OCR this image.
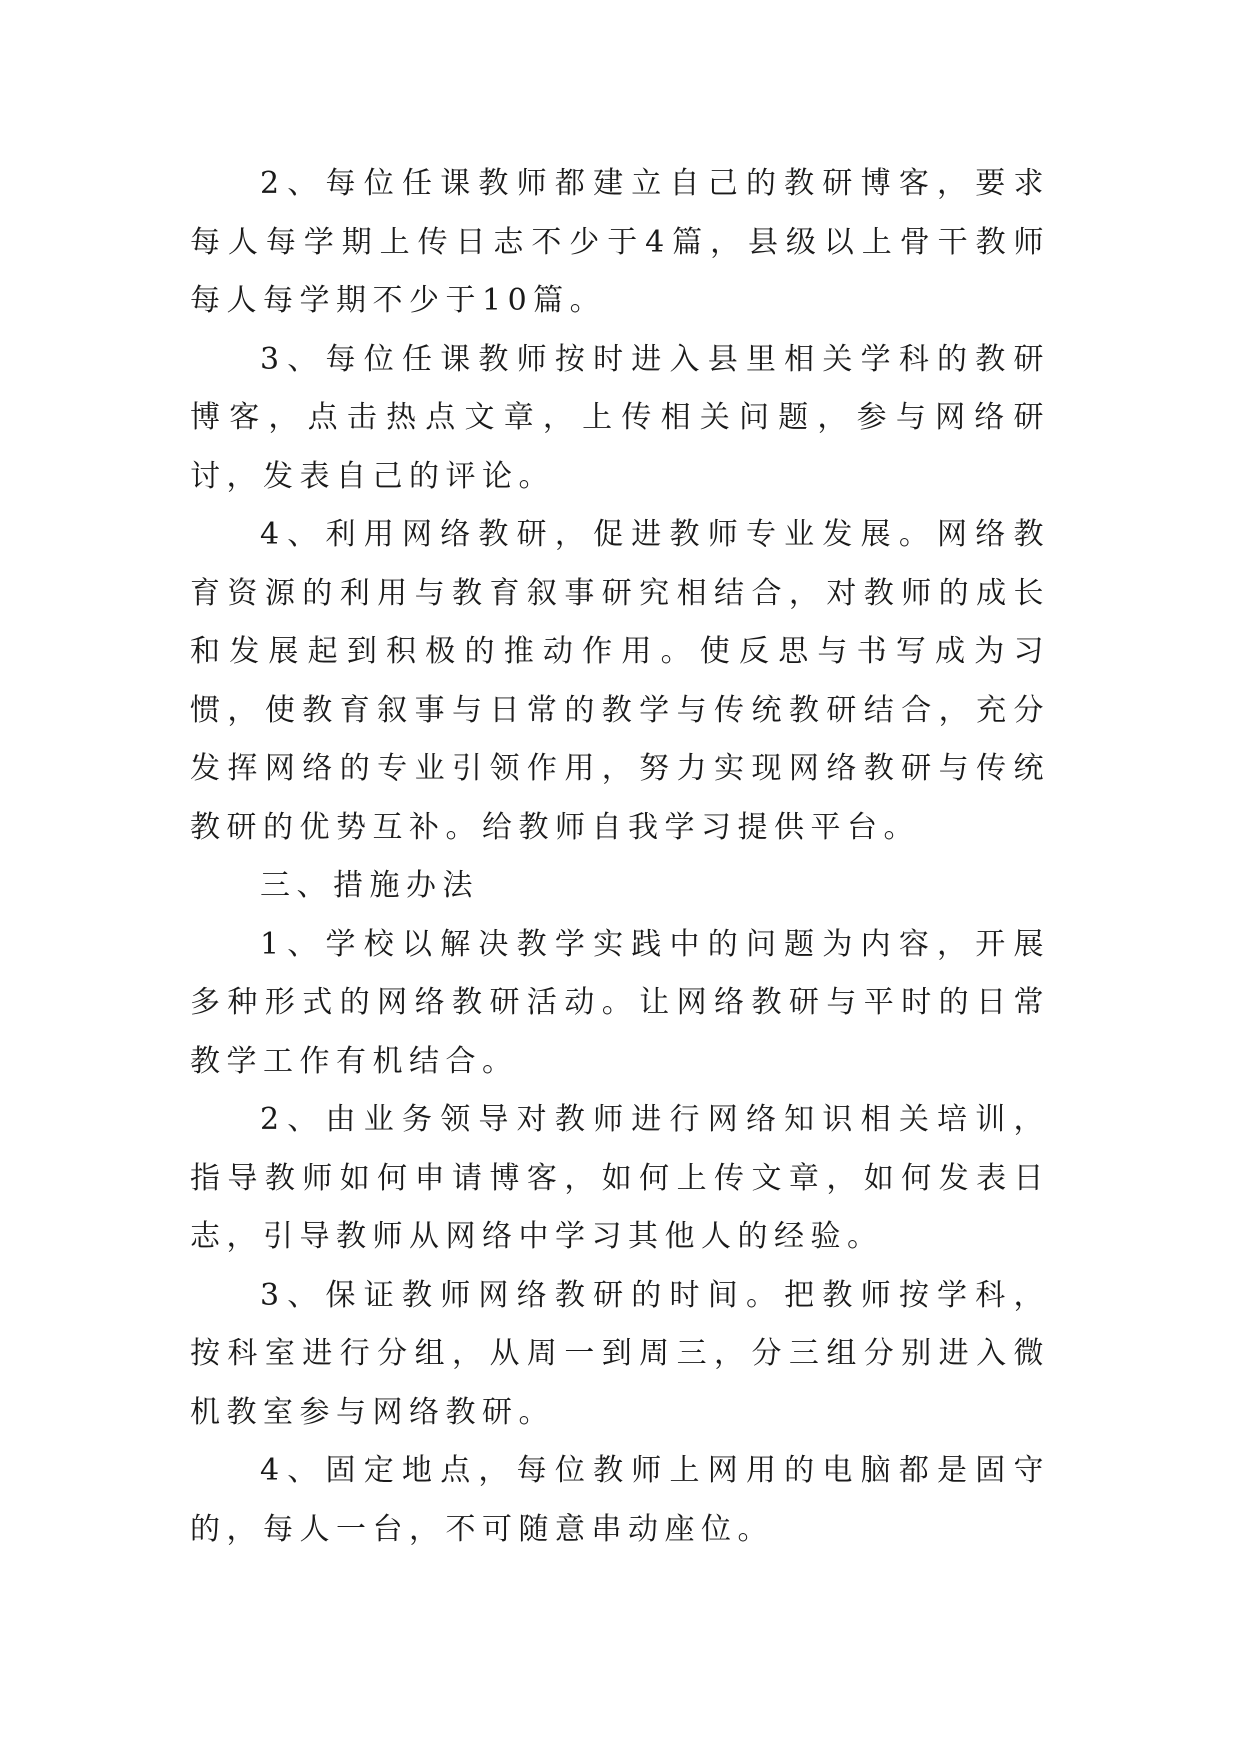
2、每位任课教师都建立自己的教研博客，要求每人每学期上传日志不少于4篇，县级以上骨干教师每人每学期不少于10篇。

3、每位任课教师按时进入县里相关学科的教研博客，点击热点文章，上传相关问题，参与网络研讨，发表自己的评论。

4、利用网络教研，促进教师专业发展。网络教育资源的利用与教育叙事研究相结合，对教师的成长和发展起到积极的推动作用。使反思与书写成为习惯，使教育叙事与日常的教学与传统教研结合，充分发挥网络的专业引领作用，努力实现网络教研与传统教研的优势互补。给教师自我学习提供平台。

三、措施办法

1、学校以解决教学实践中的问题为内容，开展多种形式的网络教研活动。让网络教研与平时的日常教学工作有机结合。

2、由业务领导对教师进行网络知识相关培训，指导教师如何申请博客，如何上传文章，如何发表日志，引导教师从网络中学习其他人的经验。

3、保证教师网络教研的时间。把教师按学科，按科室进行分组，从周一到周三，分三组分别进入微机教室参与网络教研。

4、固定地点，每位教师上网用的电脑都是固守的，每人一台，不可随意串动座位。
